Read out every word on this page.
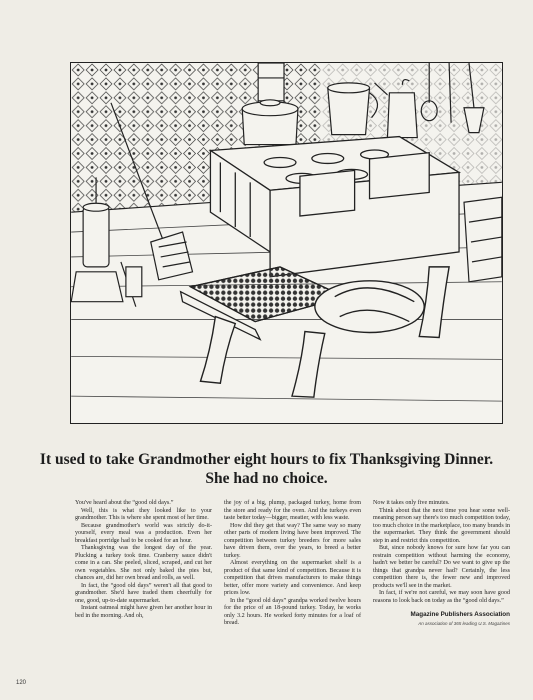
It used to take Grandmother eight hours to fix Thanksgiving Dinner.
She had no choice.

You've heard about the “good old days.”

Well, this is what they looked like to your grandmother. This is where she spent most of her time.

Because grandmother's world was strictly do-it-yourself, every meal was a production. Even her breakfast porridge had to be cooked for an hour.

Thanksgiving was the longest day of the year. Plucking a turkey took time. Cranberry sauce didn't come in a can. She peeled, sliced, scraped, and cut her own vegetables. She not only baked the pies but, chances are, did her own bread and rolls, as well.

In fact, the “good old days” weren't all that good to grandmother. She'd have traded them cheerfully for one, good, up-to-date supermarket.

Instant oatmeal might have given her another hour in bed in the morning. And oh,

the joy of a big, plump, packaged turkey, home from the store and ready for the oven. And the turkeys even taste better today—bigger, meatier, with less waste.

How did they get that way? The same way so many other parts of modern living have been improved. The competition between turkey breeders for more sales have driven them, over the years, to breed a better turkey.

Almost everything on the supermarket shelf is a product of that same kind of competition. Because it is competition that drives manufacturers to make things better, offer more variety and convenience. And keep prices low.

In the “good old days” grandpa worked twelve hours for the price of an 18-pound turkey. Today, he works only 3.2 hours. He worked forty minutes for a loaf of bread.

Now it takes only five minutes.

Think about that the next time you hear some well-meaning person say there's too much competition today, too much choice in the marketplace, too many brands in the supermarket. They think the government should step in and restrict this competition.

But, since nobody knows for sure how far you can restrain competition without harming the economy, hadn't we better be careful? Do we want to give up the things that grandpa never had? Certainly, the less competition there is, the fewer new and improved products we'll see in the market.

In fact, if we're not careful, we may soon have good reasons to look back on today as the “good old days.”

Magazine Publishers Association
An association of 365 leading U.S. Magazines
120
